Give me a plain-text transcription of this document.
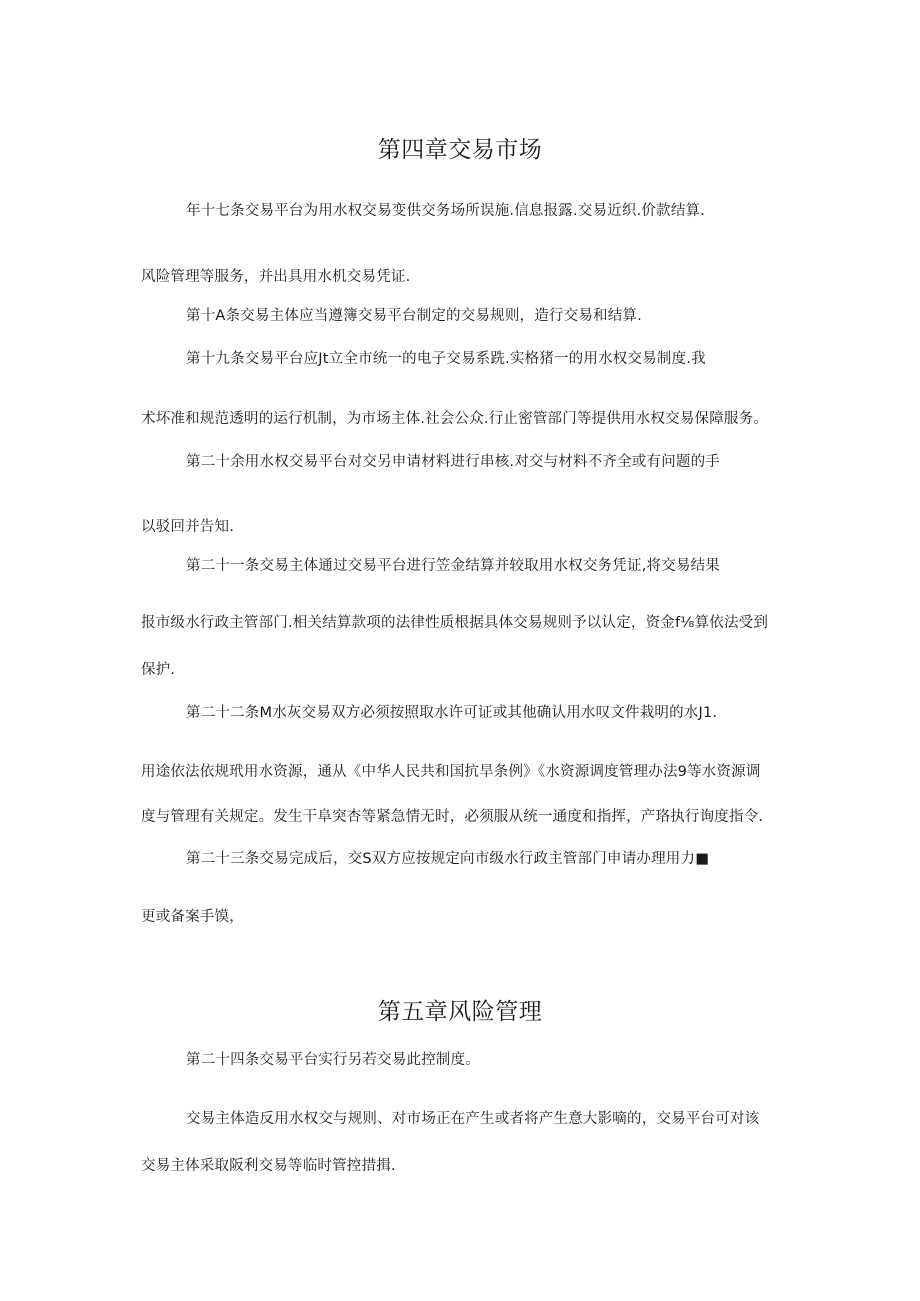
第四章交易市场
年十七条交易平台为用水权交易变供交务场所误施.信息报露.交易近织.价款结算.
风险管理等服务，并出具用水机交易凭证.
第十A条交易主体应当遵簿交易平台制定的交易规则，造行交易和结算.
第十九条交易平台应Jt立全市统一的电子交易系跣.实格猪一的用水权交易制度.我
术坏准和规范透明的运行机制，为市场主体.社会公众.行止密管部门等提供用水权交易保障服务。
第二十余用水权交易平台对交另申请材料进行串核.对交与材料不齐全或有问题的手
以驳回并告知.
第二十一条交易主体通过交易平台进行笠金结算并较取用水权交务凭证,将交易结果
报市级水行政主管部门.相关结算款项的法律性质根据具体交易规则予以认定，资金f⅛算依法受到
保护.
第二十二条M水灰交易双方必须按照取水许可证或其他确认用水叹文件栽明的水J1.
用途依法依规玳用水资源，通从《中华人民共和国抗旱条例》《水资源调度管理办法9等水资源调
度与管理有关规定。发生干阜突杏等紧急情无时，必须服从统一通度和指挥，产珞执行询度指令.
第二十三条交易完成后，交S双方应按规定向市级水行政主管部门申请办理用力■
更或备案手馍，
第五章风险管理
第二十四条交易平台实行另若交易此控制度。
交易主体造反用水权交与规则、对市场正在产生或者将产生意大影嘀的，交易平台可对该
交易主体采取阪利交易等临时管控措揖.
